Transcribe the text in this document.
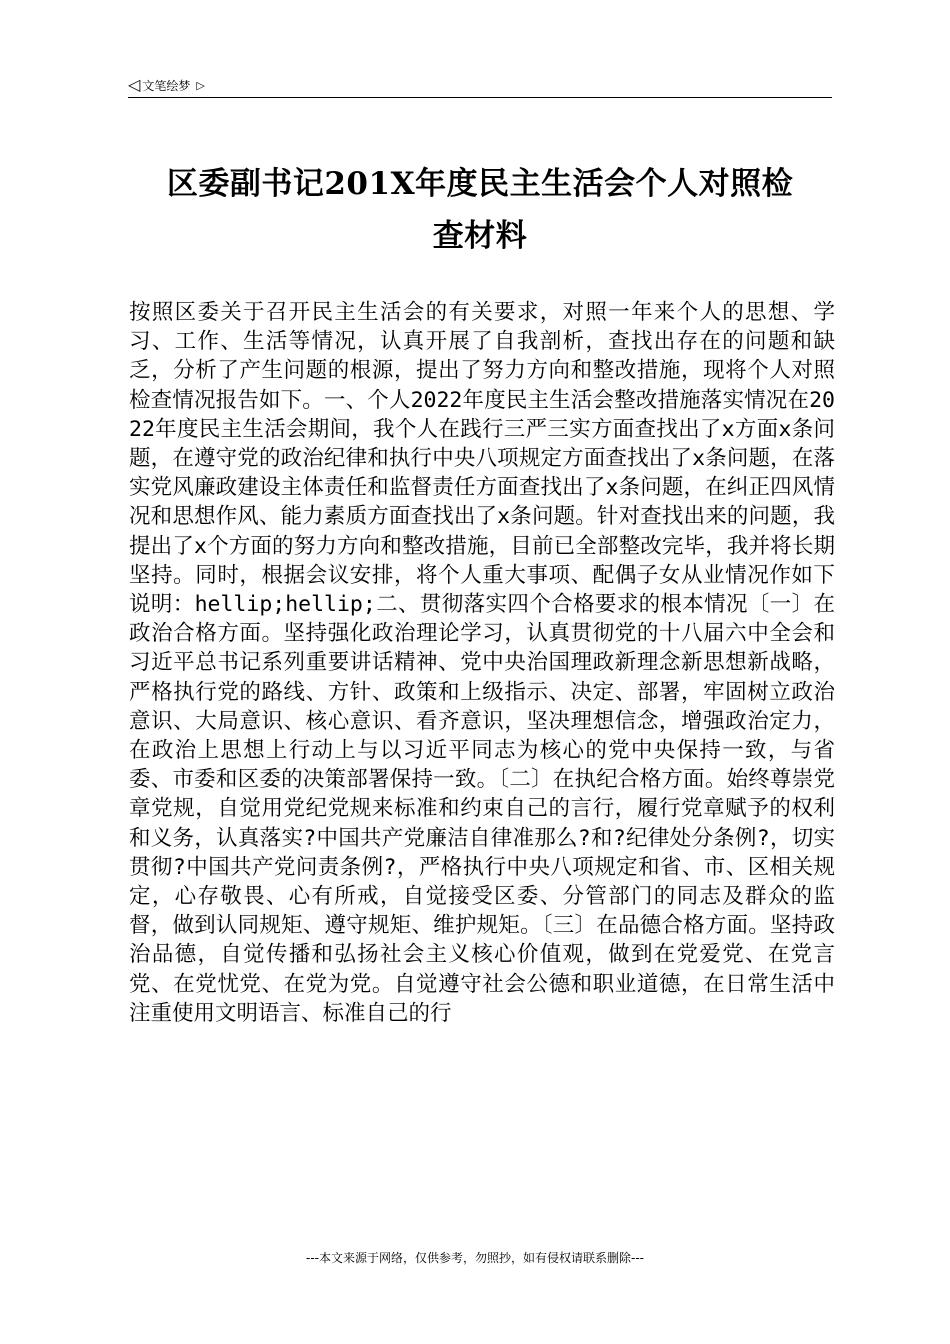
◁ 文笔绘梦 ▷
区委副书记201X年度民主生活会个人对照检
查材料

按照区委关于召开民主生活会的有关要求，对照一年来个人的思想、学习、工作、生活等情况，认真开展了自我剖析，查找出存在的问题和缺乏，分析了产生问题的根源，提出了努力方向和整改措施，现将个人对照检查情况报告如下。一、个人2022年度民主生活会整改措施落实情况在2022年度民主生活会期间，我个人在践行三严三实方面查找出了x方面x条问题，在遵守党的政治纪律和执行中央八项规定方面查找出了x条问题，在落实党风廉政建设主体责任和监督责任方面查找出了x条问题，在纠正四风情况和思想作风、能力素质方面查找出了x条问题。针对查找出来的问题，我提出了x个方面的努力方向和整改措施，目前已全部整改完毕，我并将长期坚持。同时，根据会议安排，将个人重大事项、配偶子女从业情况作如下说明：hellip;hellip;二、贯彻落实四个合格要求的根本情况〔一〕在政治合格方面。坚持强化政治理论学习，认真贯彻党的十八届六中全会和习近平总书记系列重要讲话精神、党中央治国理政新理念新思想新战略，严格执行党的路线、方针、政策和上级指示、决定、部署，牢固树立政治意识、大局意识、核心意识、看齐意识，坚决理想信念，增强政治定力，在政治上思想上行动上与以习近平同志为核心的党中央保持一致，与省委、市委和区委的决策部署保持一致。〔二〕在执纪合格方面。始终尊崇党章党规，自觉用党纪党规来标准和约束自己的言行，履行党章赋予的权利和义务，认真落实?中国共产党廉洁自律准那么?和?纪律处分条例?，切实贯彻?中国共产党问责条例?，严格执行中央八项规定和省、市、区相关规定，心存敬畏、心有所戒，自觉接受区委、分管部门的同志及群众的监督，做到认同规矩、遵守规矩、维护规矩。〔三〕在品德合格方面。坚持政治品德，自觉传播和弘扬社会主义核心价值观，做到在党爱党、在党言党、在党忧党、在党为党。自觉遵守社会公德和职业道德，在日常生活中注重使用文明语言、标准自己的行

---本文来源于网络，仅供参考，勿照抄，如有侵权请联系删除---
